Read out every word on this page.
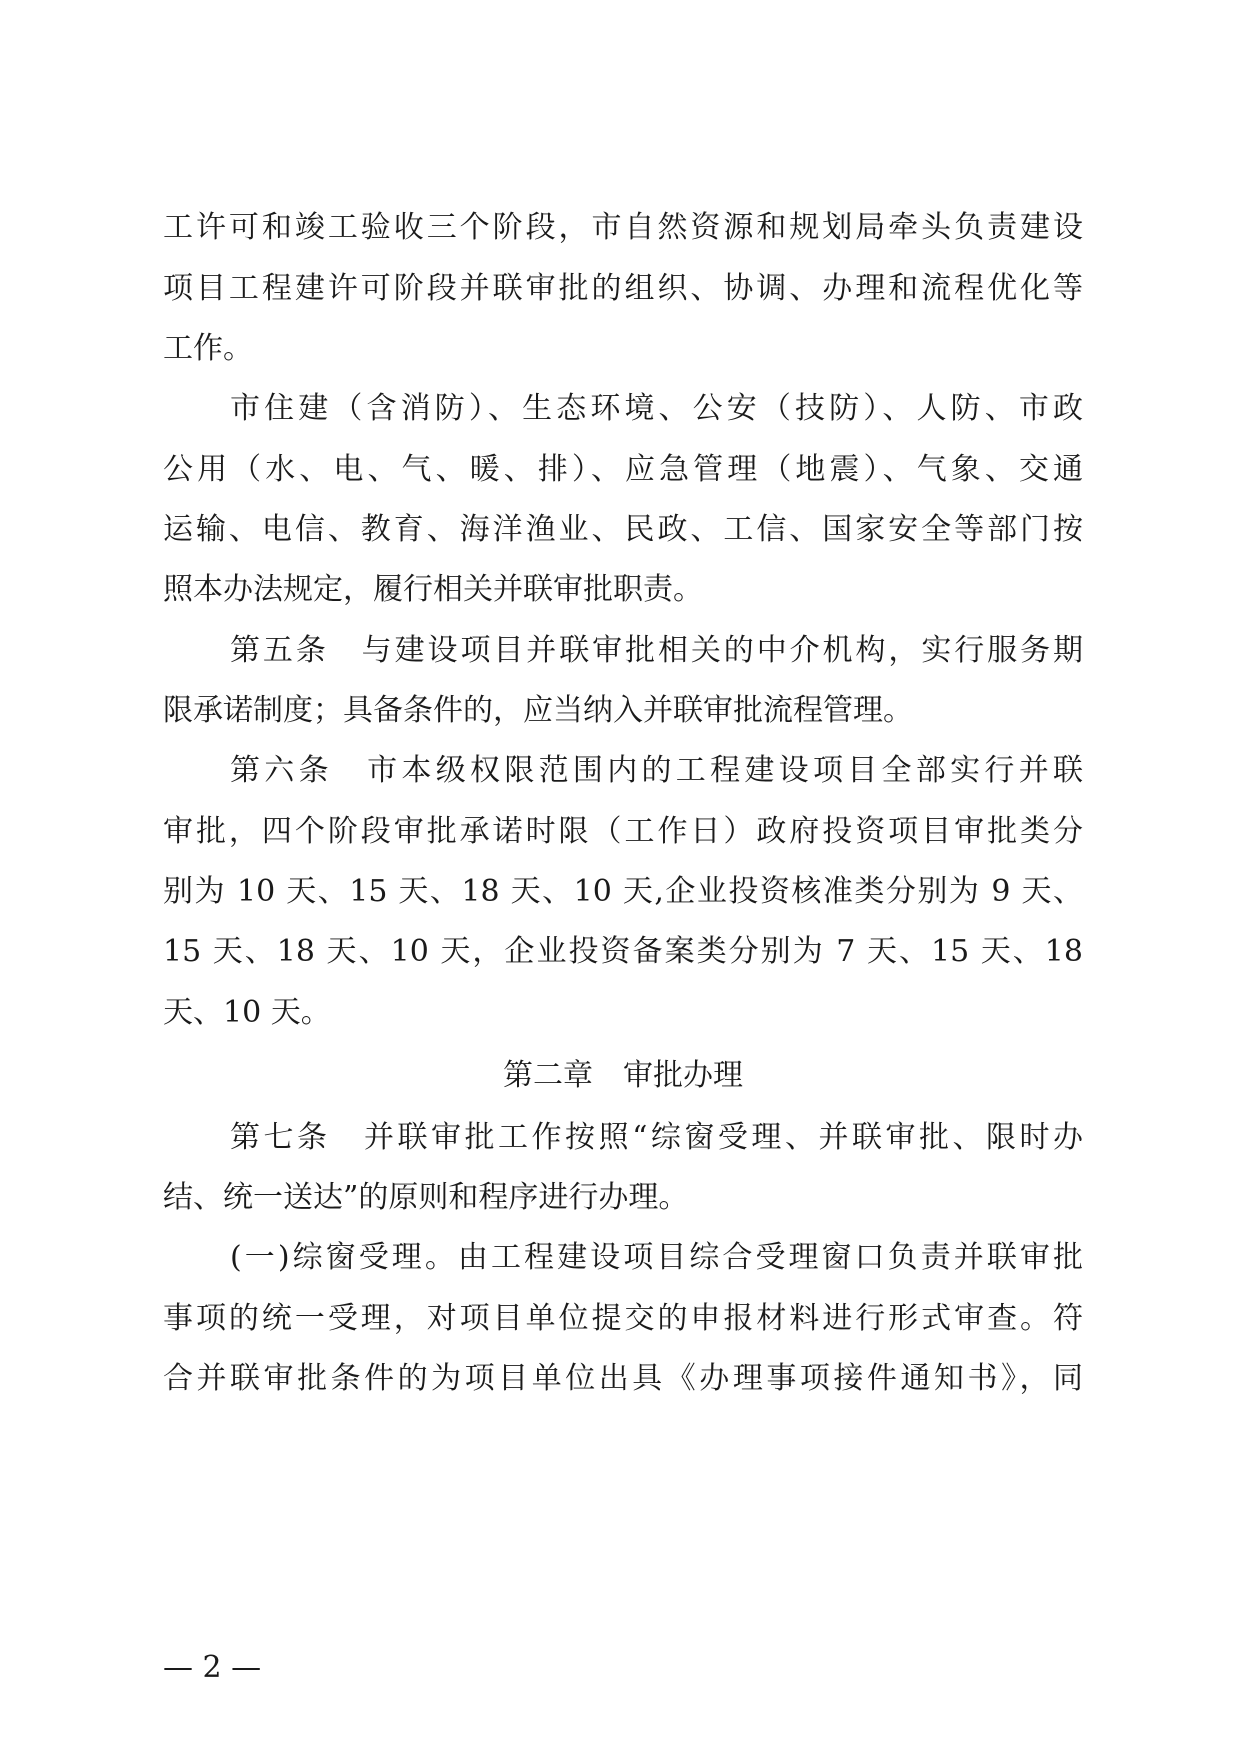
工许可和竣工验收三个阶段，市自然资源和规划局牵头负责建设
项目工程建许可阶段并联审批的组织、协调、办理和流程优化等
工作。
市住建（含消防）、生态环境、公安（技防）、人防、市政
公用（水、电、气、暖、排）、应急管理（地震）、气象、交通
运输、电信、教育、海洋渔业、民政、工信、国家安全等部门按
照本办法规定，履行相关并联审批职责。
第五条　与建设项目并联审批相关的中介机构，实行服务期
限承诺制度；具备条件的，应当纳入并联审批流程管理。
第六条　市本级权限范围内的工程建设项目全部实行并联
审批，四个阶段审批承诺时限（工作日）政府投资项目审批类分
别为 10 天、15 天、18 天、10 天,企业投资核准类分别为 9 天、
15 天、18 天、10 天，企业投资备案类分别为 7 天、15 天、18
天、10 天。
第二章　审批办理
第七条　并联审批工作按照“综窗受理、并联审批、限时办
结、统一送达”的原则和程序进行办理。
(一)综窗受理。由工程建设项目综合受理窗口负责并联审批
事项的统一受理，对项目单位提交的申报材料进行形式审查。符
合并联审批条件的为项目单位出具《办理事项接件通知书》，同
— 2 —
